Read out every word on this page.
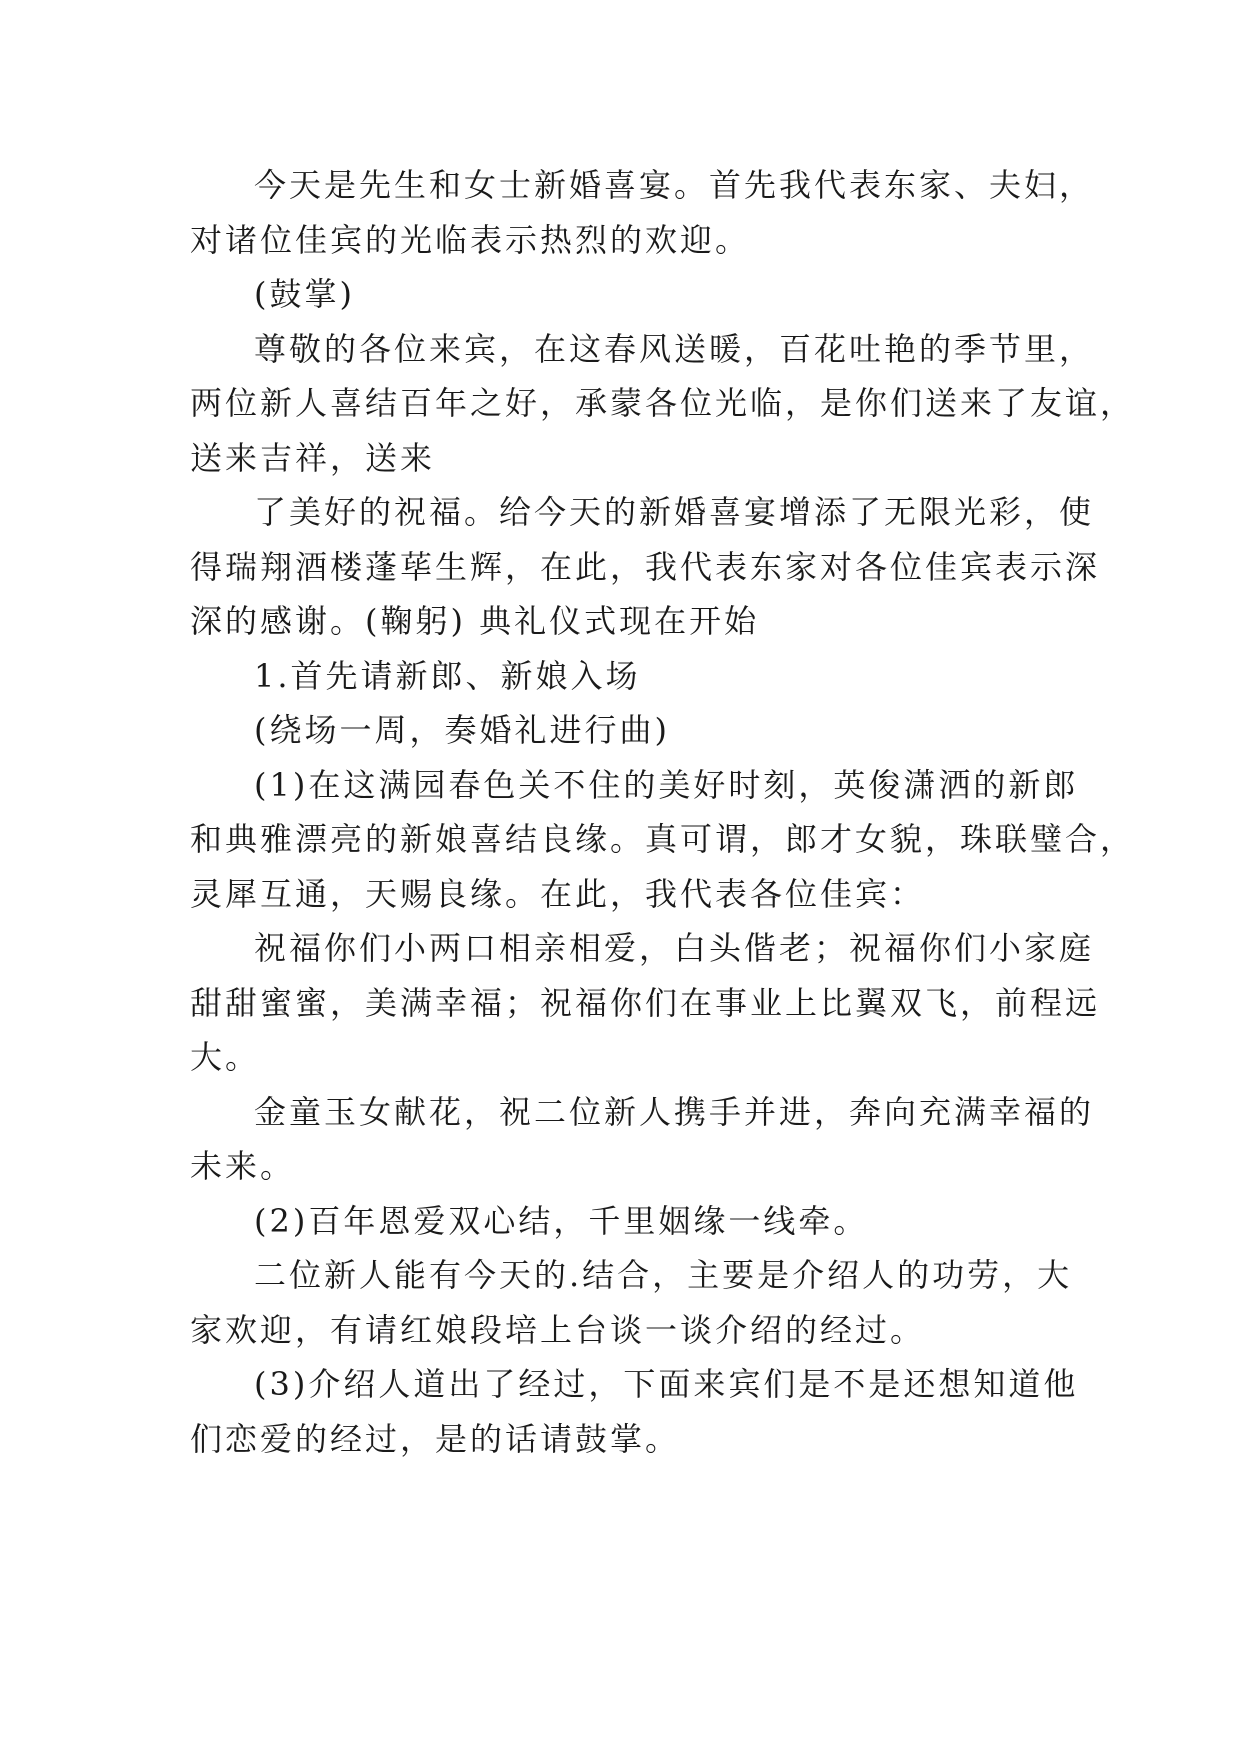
今天是先生和女士新婚喜宴。首先我代表东家、夫妇，
对诸位佳宾的光临表示热烈的欢迎。
(鼓掌)
尊敬的各位来宾，在这春风送暖，百花吐艳的季节里，
两位新人喜结百年之好，承蒙各位光临，是你们送来了友谊，
送来吉祥，送来
了美好的祝福。给今天的新婚喜宴增添了无限光彩，使
得瑞翔酒楼蓬荜生辉，在此，我代表东家对各位佳宾表示深
深的感谢。(鞠躬) 典礼仪式现在开始
1.首先请新郎、新娘入场
(绕场一周，奏婚礼进行曲)
(1)在这满园春色关不住的美好时刻，英俊潇洒的新郎
和典雅漂亮的新娘喜结良缘。真可谓，郎才女貌，珠联璧合，
灵犀互通，天赐良缘。在此，我代表各位佳宾：
祝福你们小两口相亲相爱，白头偕老；祝福你们小家庭
甜甜蜜蜜，美满幸福；祝福你们在事业上比翼双飞，前程远
大。
金童玉女献花，祝二位新人携手并进，奔向充满幸福的
未来。
(2)百年恩爱双心结，千里姻缘一线牵。
二位新人能有今天的.结合，主要是介绍人的功劳，大
家欢迎，有请红娘段培上台谈一谈介绍的经过。
(3)介绍人道出了经过，下面来宾们是不是还想知道他
们恋爱的经过，是的话请鼓掌。
